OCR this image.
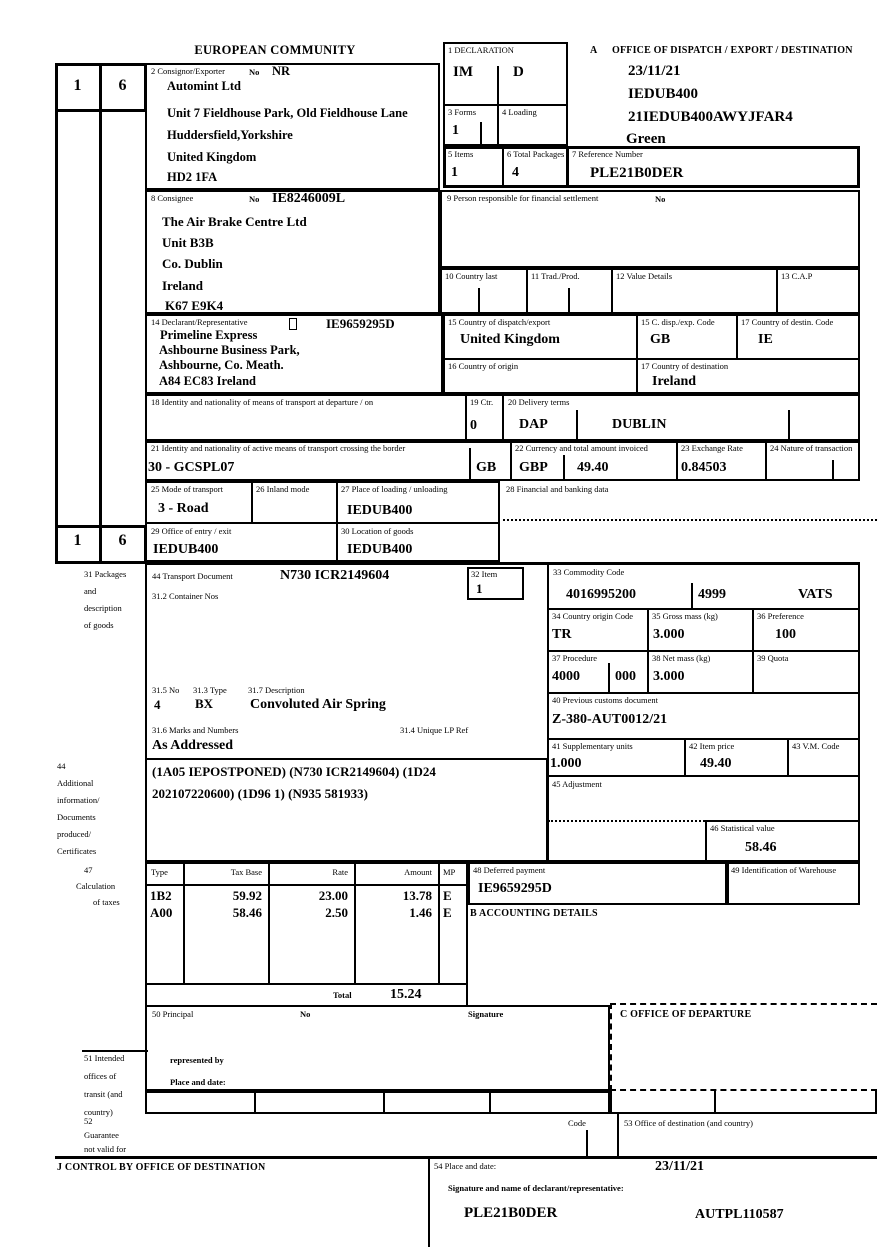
EUROPEAN COMMUNITY
1	6
1	6
2 Consignor/Exporter	No NR
Automint Ltd
Unit 7 Fieldhouse Park, Old Fieldhouse Lane
Huddersfield,Yorkshire
United Kingdom
HD2 1FA
1 DECLARATION
IM	D
3 Forms
1
4 Loading
A OFFICE OF DISPATCH / EXPORT / DESTINATION
23/11/21
IEDUB400
21IEDUB400AWYJFAR4
Green
5 Items
1
6 Total Packages
4
7 Reference Number
PLE21B0DER
8 Consignee	No IE8246009L
The Air Brake Centre Ltd
Unit B3B
Co. Dublin
Ireland
K67 E9K4
9 Person responsible for financial settlement	No
10 Country last	11 Trad./Prod.	12 Value Details	13 C.A.P
14 Declarant/Representative	IE9659295D
Primeline Express
Ashbourne Business Park,
Ashbourne, Co. Meath.
A84 EC83 Ireland
15 Country of dispatch/export
United Kingdom
15 C. disp./exp. Code
GB
17 Country of destin. Code
IE
16 Country of origin	17 Country of destination
Ireland
18 Identity and nationality of means of transport at departure / on	19 Ctr.
0
20 Delivery terms
DAP	DUBLIN
21 Identity and nationality of active means of transport crossing the border
30 - GCSPL07	GB
22 Currency and total amount invoiced
GBP 49.40
23 Exchange Rate
0.84503
24 Nature of transaction
25 Mode of transport
3 - Road
26 Inland mode	27 Place of loading / unloading
IEDUB400
28 Financial and banking data
29 Office of entry / exit
IEDUB400
30 Location of goods
IEDUB400
31 Packages
and
description
of goods
44 Transport Document	N730 ICR2149604
31.2 Container Nos
32 Item
1
33 Commodity Code
4016995200	4999	VATS
34 Country origin Code
TR
35 Gross mass (kg)
3.000
36 Preference
100
37 Procedure
4000	000
38 Net mass (kg)
3.000
39 Quota
40 Previous customs document
Z-380-AUT0012/21
41 Supplementary units
1.000
42 Item price
49.40
43 V.M. Code
45 Adjustment
31.5 No
4
31.3 Type
BX
31.7 Description
Convoluted Air Spring
31.6 Marks and Numbers
As Addressed
31.4 Unique LP Ref
44
Additional
information/
Documents
produced/
Certificates
(1A05 IEPOSTPONED) (N730 ICR2149604) (1D24
202107220600) (1D96 1) (N935 581933)
46 Statistical value
58.46
47
Calculation
of taxes
Type	Tax Base	Rate	Amount MP
1B2	59.92	23.00	13.78 E
A00	58.46	2.50	1.46 E
Total	15.24
48 Deferred payment
IE9659295D
49 Identification of Warehouse
B ACCOUNTING DETAILS
50 Principal	No	Signature
represented by
Place and date:
51 Intended
offices of
transit (and
country)
C OFFICE OF DEPARTURE
52
Guarantee
not valid for
Code	53 Office of destination (and country)
J CONTROL BY OFFICE OF DESTINATION	54 Place and date:	23/11/21
Signature and name of declarant/representative:
PLE21B0DER	AUTPL110587
